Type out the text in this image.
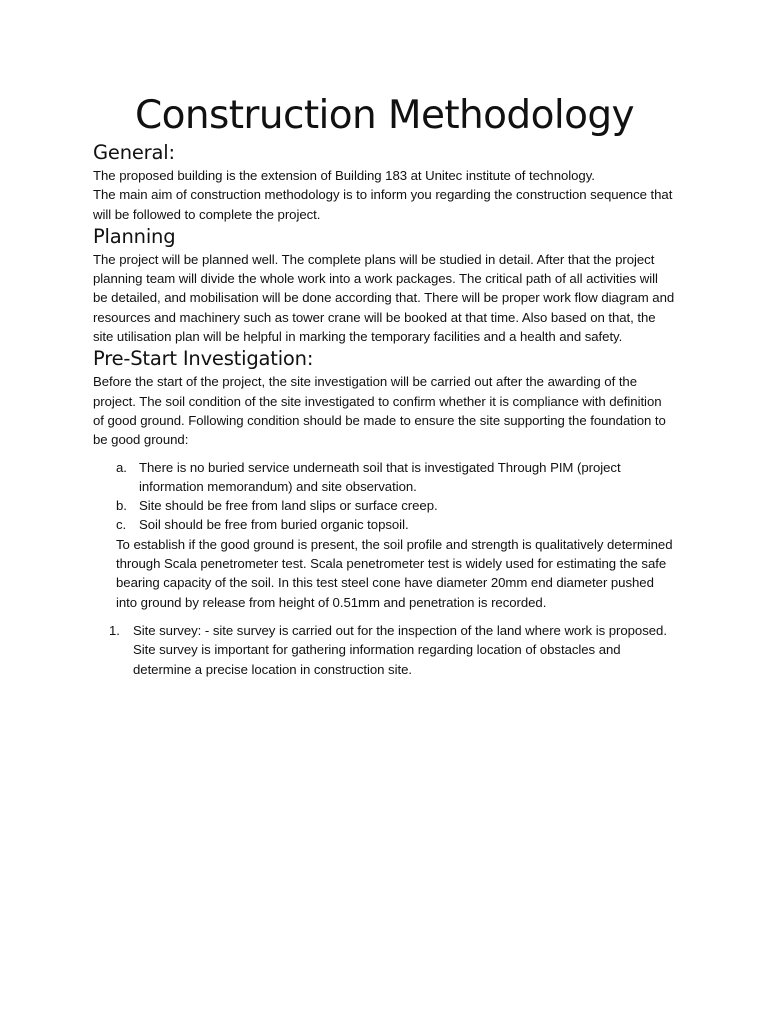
Construction Methodology
General:

The proposed building is the extension of Building 183 at Unitec institute of technology.

The main aim of construction methodology is to inform you regarding the construction sequence that will be followed to complete the project.

Planning

The project will be planned well. The complete plans will be studied in detail. After that the project planning team will divide the whole work into a work packages. The critical path of all activities will be detailed, and mobilisation will be done according that. There will be proper work flow diagram and resources and machinery such as tower crane will be booked at that time. Also based on that, the site utilisation plan will be helpful in marking the temporary facilities and a health and safety.

Pre-Start Investigation:

Before the start of the project, the site investigation will be carried out after the awarding of the project. The soil condition of the site investigated to confirm whether it is compliance with definition of good ground. Following condition should be made to ensure the site supporting the foundation to be good ground:

a. There is no buried service underneath soil that is investigated Through PIM (project information memorandum) and site observation.
b. Site should be free from land slips or surface creep.
c. Soil should be free from buried organic topsoil.

To establish if the good ground is present, the soil profile and strength is qualitatively determined through Scala penetrometer test. Scala penetrometer test is widely used for estimating the safe bearing capacity of the soil. In this test steel cone have diameter 20mm end diameter pushed into ground by release from height of 0.51mm and penetration is recorded.

1. Site survey: - site survey is carried out for the inspection of the land where work is proposed. Site survey is important for gathering information regarding location of obstacles and determine a precise location in construction site.
